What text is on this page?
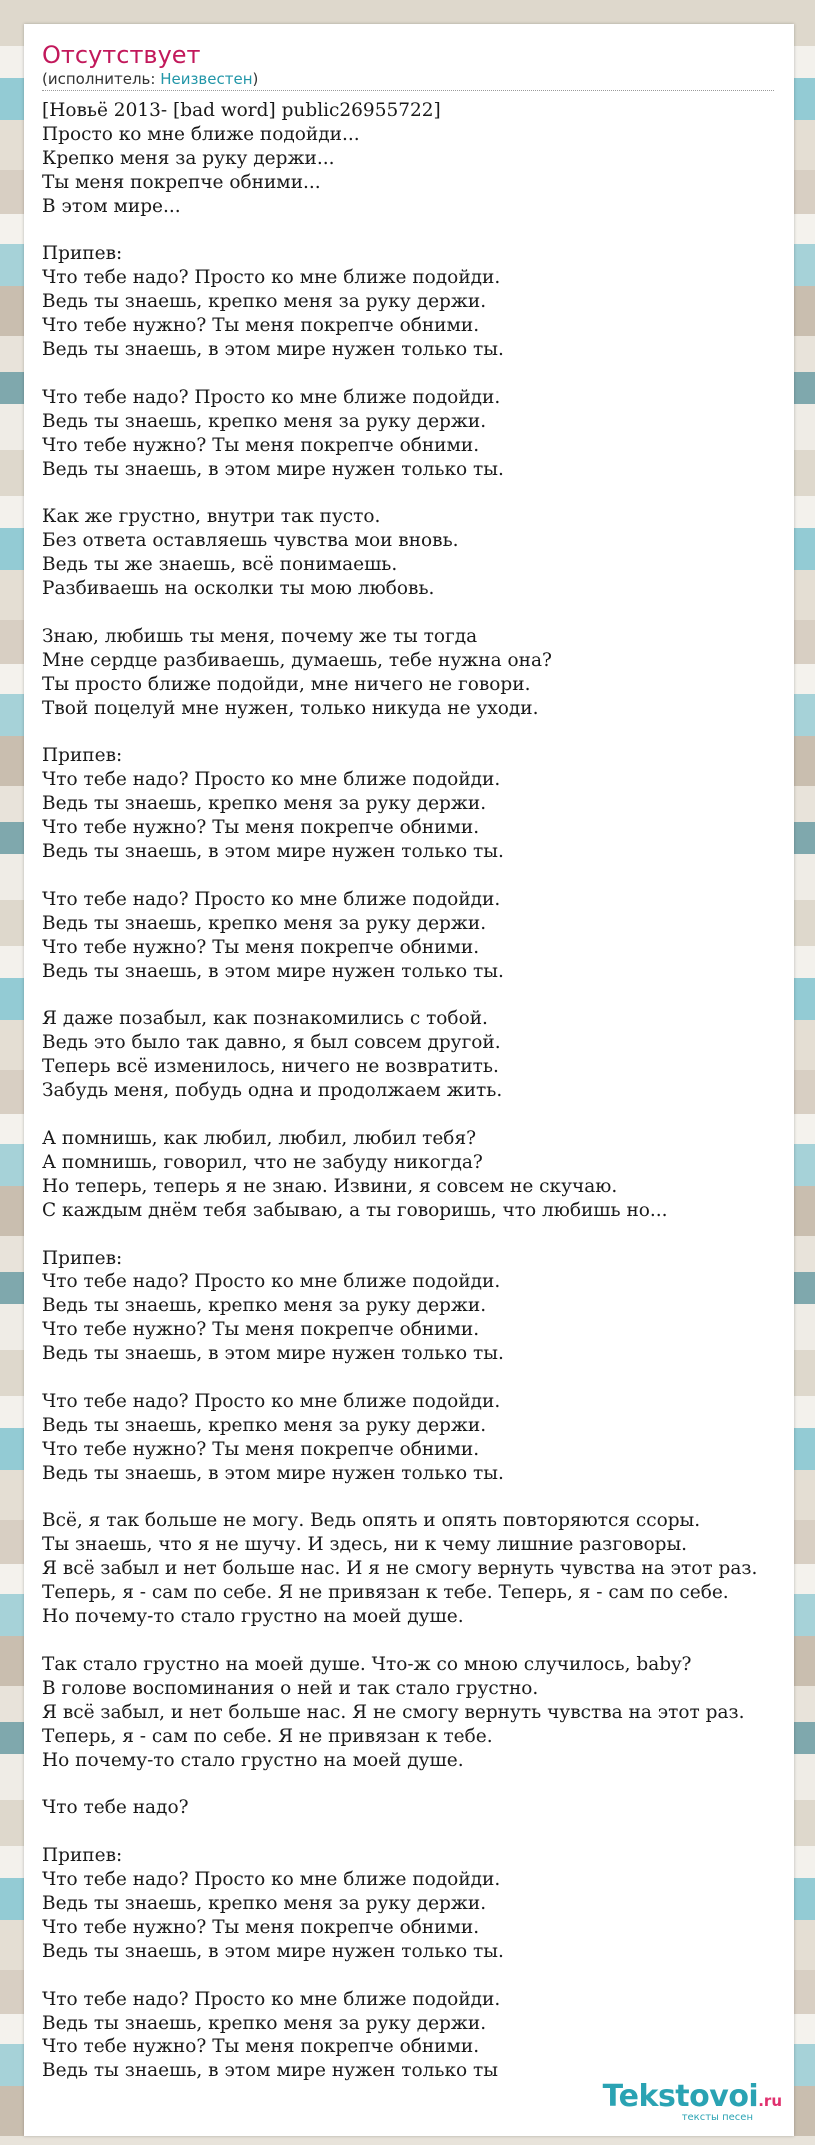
Отсутствует
(исполнитель: Неизвестен)
[Новьё 2013- [bad word] public26955722]
Просто ко мне ближе подойди...
Крепко меня за руку держи...
Ты меня покрепче обними...
В этом мире...

Припев:
Что тебе надо? Просто ко мне ближе подойди.
Ведь ты знаешь, крепко меня за руку держи.
Что тебе нужно? Ты меня покрепче обними.
Ведь ты знаешь, в этом мире нужен только ты.

Что тебе надо? Просто ко мне ближе подойди.
Ведь ты знаешь, крепко меня за руку держи.
Что тебе нужно? Ты меня покрепче обними.
Ведь ты знаешь, в этом мире нужен только ты.

Как же грустно, внутри так пусто.
Без ответа оставляешь чувства мои вновь.
Ведь ты же знаешь, всё понимаешь.
Разбиваешь на осколки ты мою любовь.

Знаю, любишь ты меня, почему же ты тогда
Мне сердце разбиваешь, думаешь, тебе нужна она?
Ты просто ближе подойди, мне ничего не говори.
Твой поцелуй мне нужен, только никуда не уходи.

Припев:
Что тебе надо? Просто ко мне ближе подойди.
Ведь ты знаешь, крепко меня за руку держи.
Что тебе нужно? Ты меня покрепче обними.
Ведь ты знаешь, в этом мире нужен только ты.

Что тебе надо? Просто ко мне ближе подойди.
Ведь ты знаешь, крепко меня за руку держи.
Что тебе нужно? Ты меня покрепче обними.
Ведь ты знаешь, в этом мире нужен только ты.

Я даже позабыл, как познакомились с тобой.
Ведь это было так давно, я был совсем другой.
Теперь всё изменилось, ничего не возвратить.
Забудь меня, побудь одна и продолжаем жить.

А помнишь, как любил, любил, любил тебя?
А помнишь, говорил, что не забуду никогда?
Но теперь, теперь я не знаю. Извини, я совсем не скучаю.
С каждым днём тебя забываю, а ты говоришь, что любишь но...

Припев:
Что тебе надо? Просто ко мне ближе подойди.
Ведь ты знаешь, крепко меня за руку держи.
Что тебе нужно? Ты меня покрепче обними.
Ведь ты знаешь, в этом мире нужен только ты.

Что тебе надо? Просто ко мне ближе подойди.
Ведь ты знаешь, крепко меня за руку держи.
Что тебе нужно? Ты меня покрепче обними.
Ведь ты знаешь, в этом мире нужен только ты.

Всё, я так больше не могу. Ведь опять и опять повторяются ссоры.
Ты знаешь, что я не шучу. И здесь, ни к чему лишние разговоры.
Я всё забыл и нет больше нас. И я не смогу вернуть чувства на этот раз.
Теперь, я - сам по себе. Я не привязан к тебе. Теперь, я - сам по себе.
Но почему-то стало грустно на моей душе.

Так стало грустно на моей душе. Что-ж со мною случилось, baby?
В голове воспоминания о ней и так стало грустно.
Я всё забыл, и нет больше нас. Я не смогу вернуть чувства на этот раз.
Теперь, я - сам по себе. Я не привязан к тебе.
Но почему-то стало грустно на моей душе.

Что тебе надо?

Припев:
Что тебе надо? Просто ко мне ближе подойди.
Ведь ты знаешь, крепко меня за руку держи.
Что тебе нужно? Ты меня покрепче обними.
Ведь ты знаешь, в этом мире нужен только ты.

Что тебе надо? Просто ко мне ближе подойди.
Ведь ты знаешь, крепко меня за руку держи.
Что тебе нужно? Ты меня покрепче обними.
Ведь ты знаешь, в этом мире нужен только ты
Tekstovoi.ru
тексты песен
